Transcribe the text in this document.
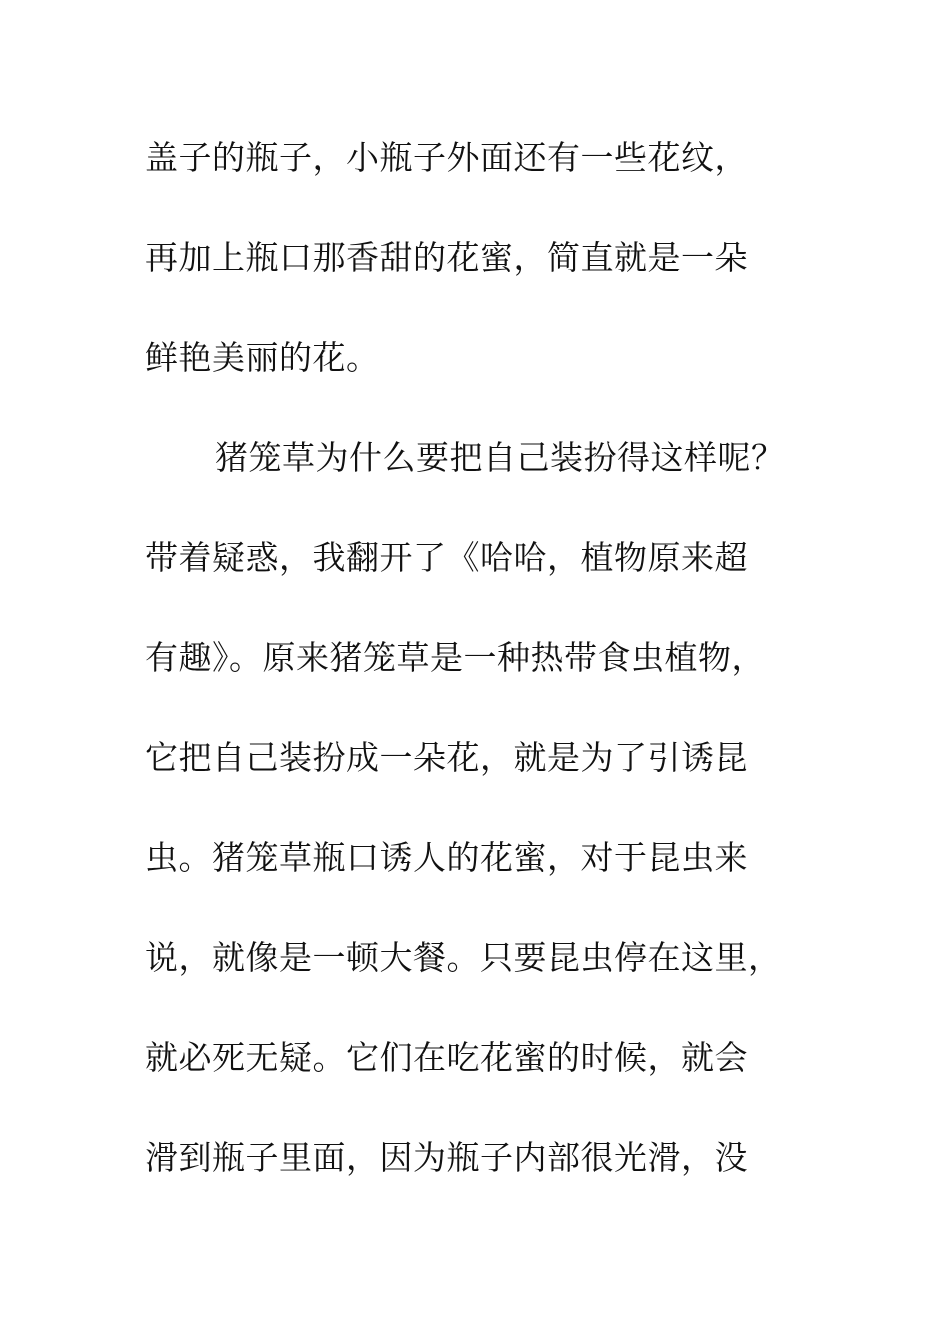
盖子的瓶子，小瓶子外面还有一些花纹，
再加上瓶口那香甜的花蜜，简直就是一朵
鲜艳美丽的花。
猪笼草为什么要把自己装扮得这样呢？
带着疑惑，我翻开了《哈哈，植物原来超
有趣》。原来猪笼草是一种热带食虫植物，
它把自己装扮成一朵花，就是为了引诱昆
虫。猪笼草瓶口诱人的花蜜，对于昆虫来
说，就像是一顿大餐。只要昆虫停在这里，
就必死无疑。它们在吃花蜜的时候，就会
滑到瓶子里面，因为瓶子内部很光滑，没
